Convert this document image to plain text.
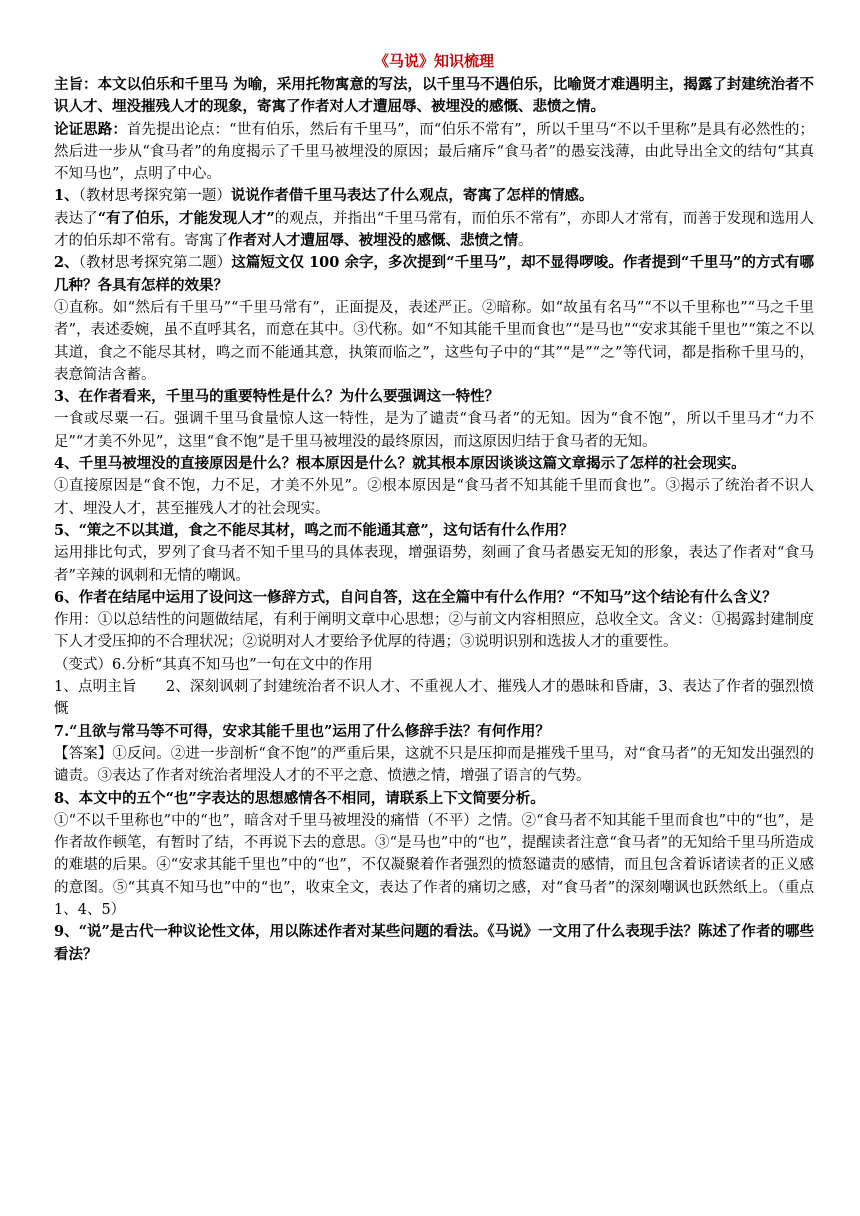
《马说》知识梳理

主旨：本文以伯乐和千里马 为喻，采用托物寓意的写法，以千里马不遇伯乐，比喻贤才难遇明主，揭露了封建统治者不识人才、埋没摧残人才的现象，寄寓了作者对人才遭屈辱、被埋没的感慨、悲愤之情。

论证思路：首先提出论点：“世有伯乐，然后有千里马”，而“伯乐不常有”，所以千里马“不以千里称”是具有必然性的；然后进一步从“食马者”的角度揭示了千里马被埋没的原因；最后痛斥“食马者”的愚妄浅薄，由此导出全文的结句“其真不知马也”，点明了中心。

1、（教材思考探究第一题）说说作者借千里马表达了什么观点，寄寓了怎样的情感。

表达了“有了伯乐，才能发现人才”的观点，并指出“千里马常有，而伯乐不常有”，亦即人才常有，而善于发现和选用人才的伯乐却不常有。寄寓了作者对人才遭屈辱、被埋没的感慨、悲愤之情。

2、（教材思考探究第二题）这篇短文仅 100 余字，多次提到“千里马”，却不显得啰唆。作者提到“千里马”的方式有哪几种？各具有怎样的效果？

①直称。如“然后有千里马”“千里马常有”，正面提及，表述严正。②暗称。如“故虽有名马”“不以千里称也”“马之千里者”，表述委婉，虽不直呼其名，而意在其中。③代称。如“不知其能千里而食也”“是马也”“安求其能千里也”“策之不以其道，食之不能尽其材，鸣之而不能通其意，执策而临之”，这些句子中的“其”“是”“之”等代词，都是指称千里马的，表意简洁含蓄。

3、在作者看来，千里马的重要特性是什么？为什么要强调这一特性？

一食或尽粟一石。强调千里马食量惊人这一特性，是为了谴责“食马者”的无知。因为“食不饱”，所以千里马才“力不足”“才美不外见”，这里“食不饱”是千里马被埋没的最终原因，而这原因归结于食马者的无知。

4、千里马被埋没的直接原因是什么？根本原因是什么？就其根本原因谈谈这篇文章揭示了怎样的社会现实。

①直接原因是“食不饱，力不足，才美不外见”。②根本原因是“食马者不知其能千里而食也”。③揭示了统治者不识人才、埋没人才，甚至摧残人才的社会现实。

5、“策之不以其道，食之不能尽其材，鸣之而不能通其意”，这句话有什么作用？

运用排比句式，罗列了食马者不知千里马的具体表现，增强语势，刻画了食马者愚妄无知的形象，表达了作者对“食马者”辛辣的讽刺和无情的嘲讽。

6、作者在结尾中运用了设问这一修辞方式，自问自答，这在全篇中有什么作用？“不知马”这个结论有什么含义？

作用：①以总结性的问题做结尾，有利于阐明文章中心思想；②与前文内容相照应，总收全文。含义：①揭露封建制度下人才受压抑的不合理状况；②说明对人才要给予优厚的待遇；③说明识别和选拔人才的重要性。

（变式）6.分析“其真不知马也”一句在文中的作用

1、点明主旨　　2、深刻讽刺了封建统治者不识人才、不重视人才、摧残人才的愚昧和昏庸，3、表达了作者的强烈愤慨

7.“且欲与常马等不可得，安求其能千里也”运用了什么修辞手法？有何作用？

【答案】①反问。②进一步剖析“食不饱”的严重后果，这就不只是压抑而是摧残千里马，对“食马者”的无知发出强烈的谴责。③表达了作者对统治者埋没人才的不平之意、愤懑之情，增强了语言的气势。

8、本文中的五个“也”字表达的思想感情各不相同，请联系上下文简要分析。

①“不以千里称也”中的“也”，暗含对千里马被埋没的痛惜（不平）之情。②“食马者不知其能千里而食也”中的“也”，是作者故作顿笔，有暂时了结，不再说下去的意思。③“是马也”中的“也”，提醒读者注意“食马者”的无知给千里马所造成的难堪的后果。④“安求其能千里也”中的“也”，不仅凝聚着作者强烈的愤怒谴责的感情，而且包含着诉诸读者的正义感的意图。⑤“其真不知马也”中的“也”，收束全文，表达了作者的痛切之感，对“食马者”的深刻嘲讽也跃然纸上。（重点 1、4、5）

9、“说”是古代一种议论性文体，用以陈述作者对某些问题的看法。《马说》一文用了什么表现手法？陈述了作者的哪些看法？
